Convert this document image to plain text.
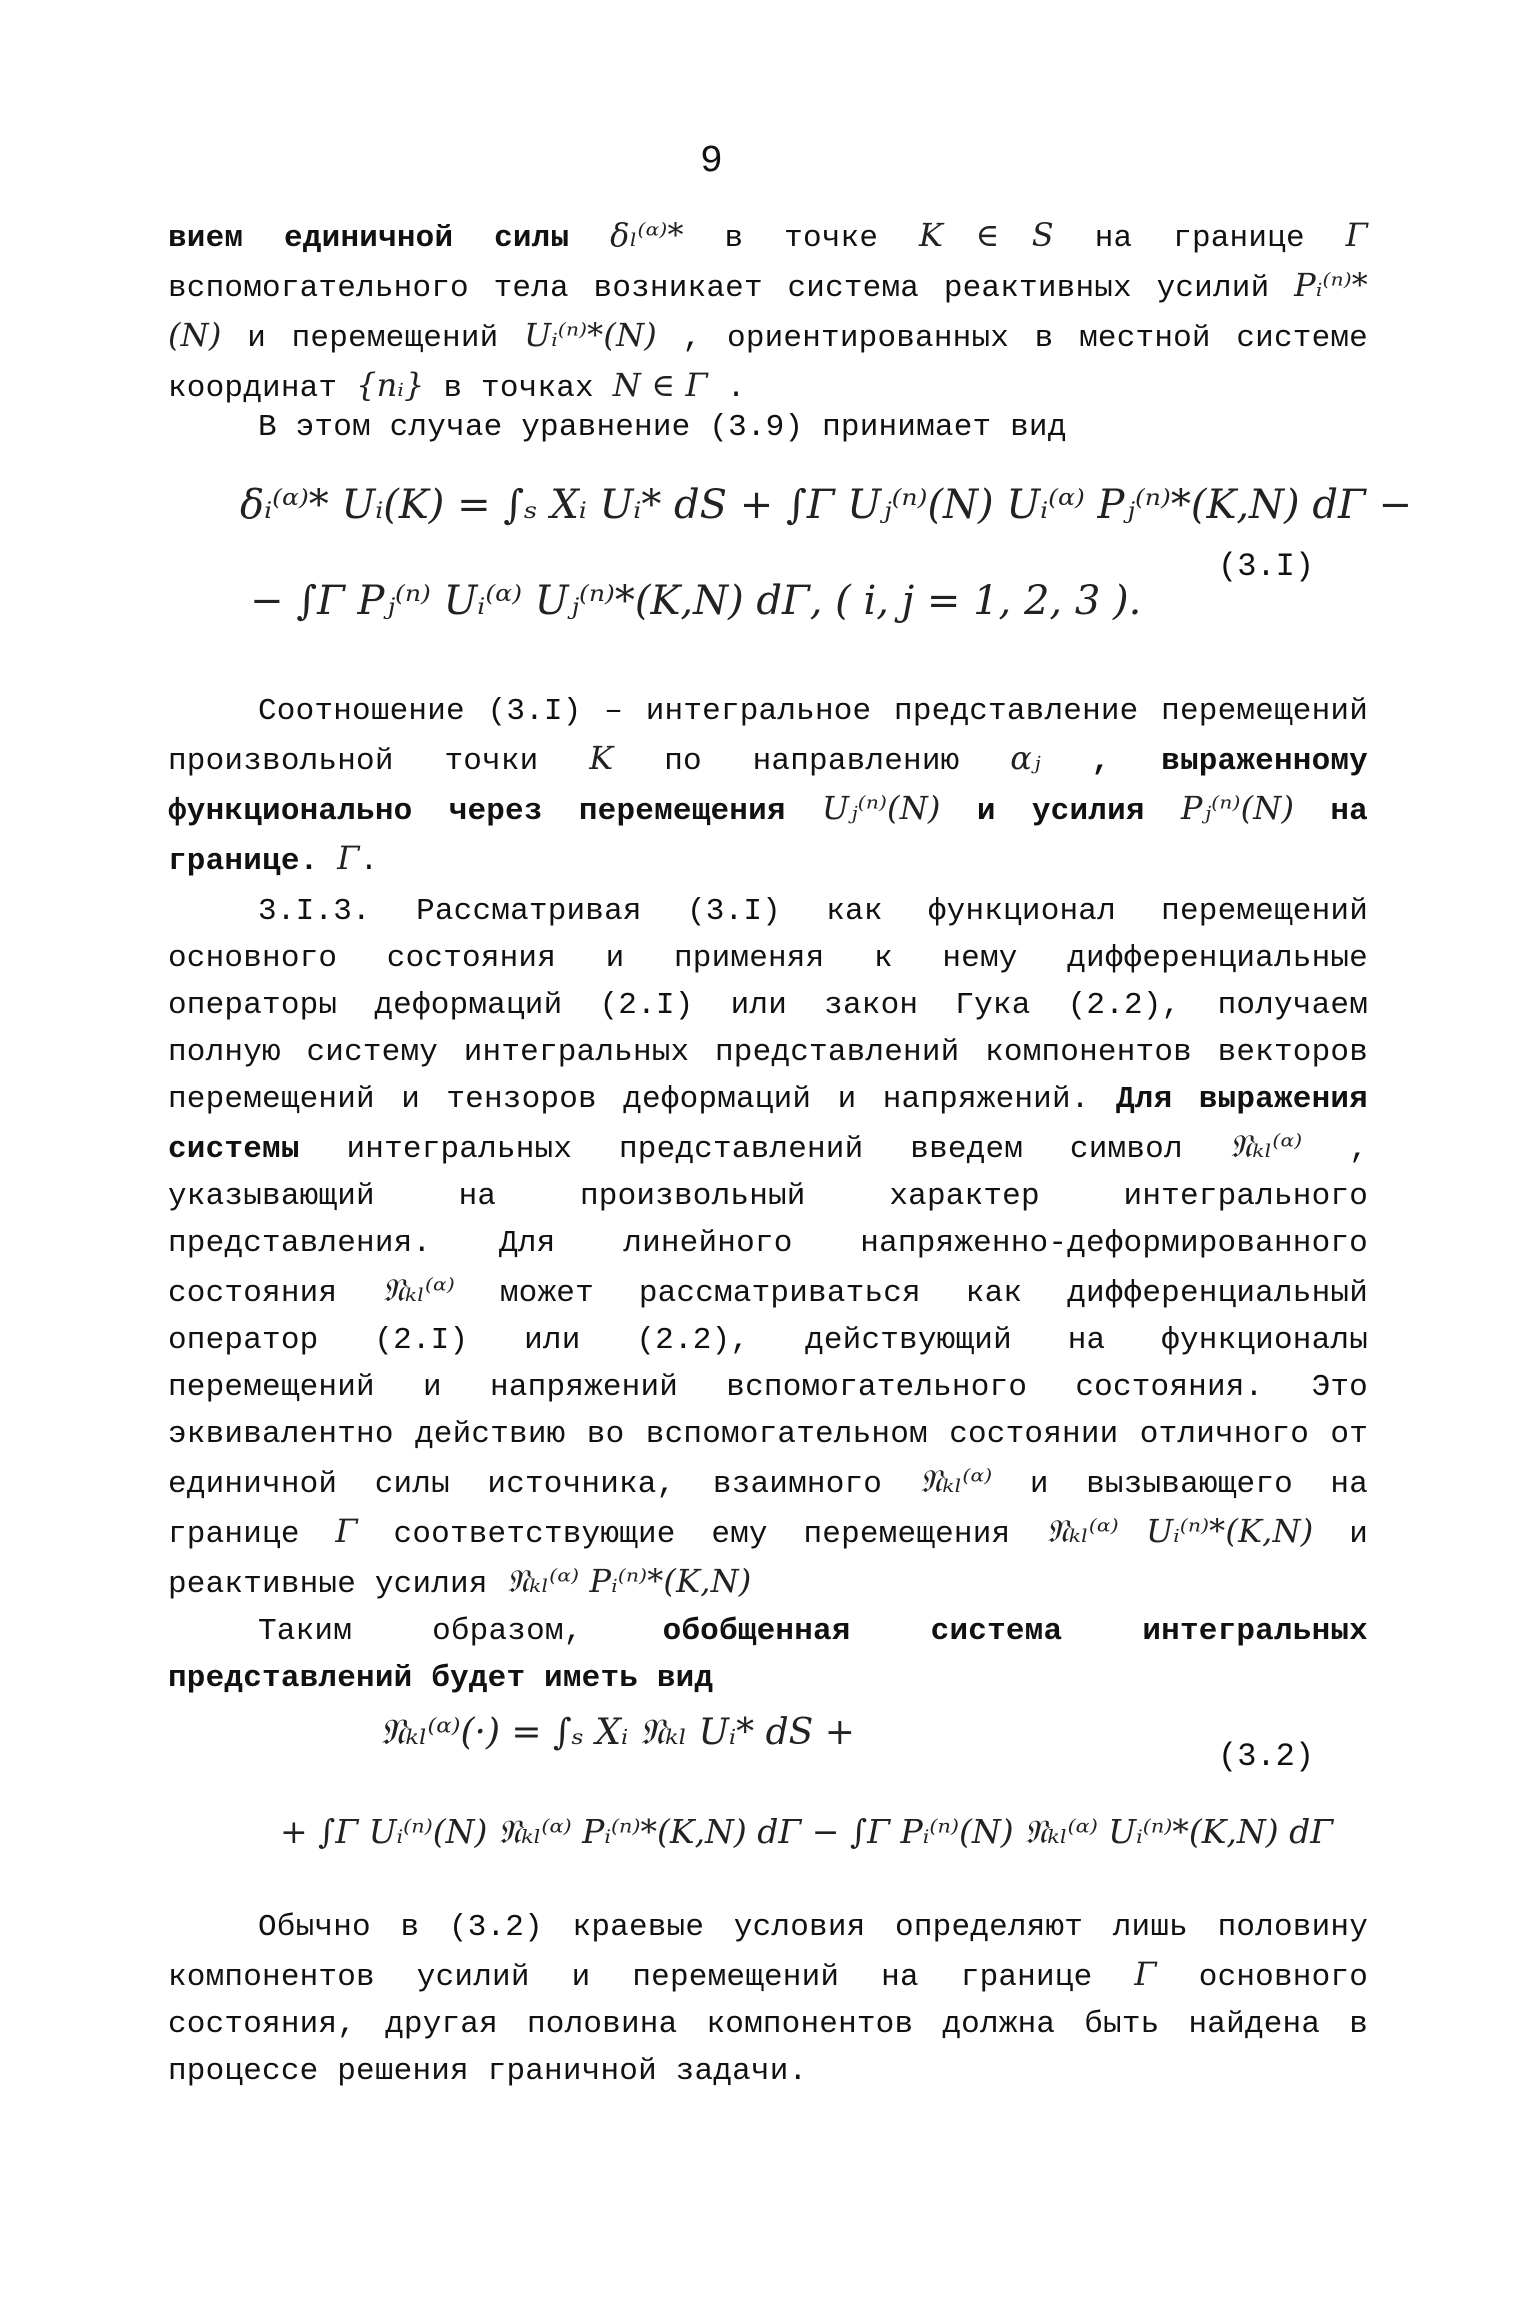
9

вием единичной силы δₗ⁽ᵅ⁾* в точке K ∈ S на границе Γ вспомогательного тела возникает система реактивных усилий Pᵢ⁽ⁿ⁾*(N) и перемещений Uᵢ⁽ⁿ⁾*(N) , ориентированных в местной системе координат {nᵢ} в точках N ∈ Γ .

В этом случае уравнение (3.9) принимает вид

δᵢ⁽ᵅ⁾* Uᵢ(K) = ∫ₛ Xᵢ Uᵢ* dS + ∫Γ Uⱼ⁽ⁿ⁾(N) Uᵢ⁽ᵅ⁾ Pⱼ⁽ⁿ⁾*(K,N) dΓ −
− ∫Γ Pⱼ⁽ⁿ⁾ Uᵢ⁽ᵅ⁾ Uⱼ⁽ⁿ⁾*(K,N) dΓ, ( i, j = 1, 2, 3 ).
(3.I)

Соотношение (3.I) – интегральное представление перемещений произвольной точки K по направлению αⱼ , выраженному функционально через перемещения Uⱼ⁽ⁿ⁾(N) и усилия Pⱼ⁽ⁿ⁾(N) на границе. Γ.

3.I.3. Рассматривая (3.I) как функционал перемещений основного состояния и применяя к нему дифференциальные операторы деформаций (2.I) или закон Гука (2.2), получаем полную систему интегральных представлений компонентов векторов перемещений и тензоров деформаций и напряжений. Для выражения системы интегральных представлений введем символ 𝔑ₖₗ⁽ᵅ⁾ , указывающий на произвольный характер интегрального представления. Для линейного напряженно-деформированного состояния 𝔑ₖₗ⁽ᵅ⁾ может рассматриваться как дифференциальный оператор (2.I) или (2.2), действующий на функционалы перемещений и напряжений вспомогательного состояния. Это эквивалентно действию во вспомогательном состоянии отличного от единичной силы источника, взаимного 𝔑ₖₗ⁽ᵅ⁾ и вызывающего на границе Γ соответствующие ему перемещения 𝔑ₖₗ⁽ᵅ⁾ Uᵢ⁽ⁿ⁾*(K,N) и реактивные усилия 𝔑ₖₗ⁽ᵅ⁾ Pᵢ⁽ⁿ⁾*(K,N)

Таким образом,	обобщенная система интегральных представлений будет иметь вид

𝔑ₖₗ⁽ᵅ⁾(·) = ∫ₛ Xᵢ 𝔑ₖₗ Uᵢ* dS +
+ ∫Γ Uᵢ⁽ⁿ⁾(N) 𝔑ₖₗ⁽ᵅ⁾ Pᵢ⁽ⁿ⁾*(K,N) dΓ − ∫Γ Pᵢ⁽ⁿ⁾(N) 𝔑ₖₗ⁽ᵅ⁾ Uᵢ⁽ⁿ⁾*(K,N) dΓ
(3.2)

Обычно в (3.2) краевые условия определяют лишь половину компонентов усилий и перемещений на границе Γ основного состояния, другая половина компонентов должна быть найдена в процессе решения граничной задачи.
